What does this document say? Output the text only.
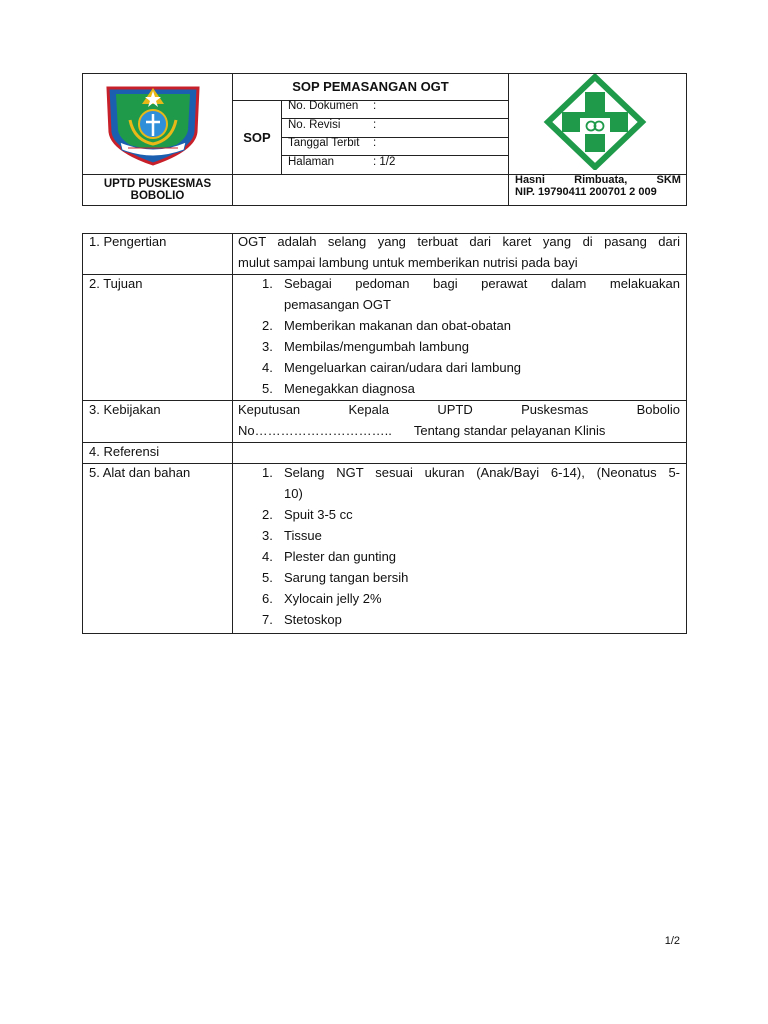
SOP PEMASANGAN OGT
SOP
No. Dokumen :
No. Revisi	:
Tanggal Terbit :
Halaman	: 1/2
UPTD PUSKESMAS
BOBOLIO
Hasni	Rimbuata,	SKM
NIP. 19790411 200701 2 009
1. Pengertian	OGT adalah selang yang terbuat dari karet yang di pasang dari
mulut sampai lambung untuk memberikan nutrisi pada bayi
2. Tujuan	1. Sebagai pedoman bagi perawat dalam melakuakan
pemasangan OGT
2. Memberikan makanan dan obat-obatan
3. Membilas/mengumbah lambung
4. Mengeluarkan cairan/udara dari lambung
5. Menegakkan diagnosa
3. Kebijakan	Keputusan Kepala UPTD Puskesmas Bobolio
No………………………….. Tentang standar pelayanan Klinis
4. Referensi
5. Alat dan bahan	1. Selang NGT sesuai ukuran (Anak/Bayi 6-14), (Neonatus 5-
10)
2. Spuit 3-5 cc
3. Tissue
4. Plester dan gunting
5. Sarung tangan bersih
6. Xylocain jelly 2%
7. Stetoskop
1/2
